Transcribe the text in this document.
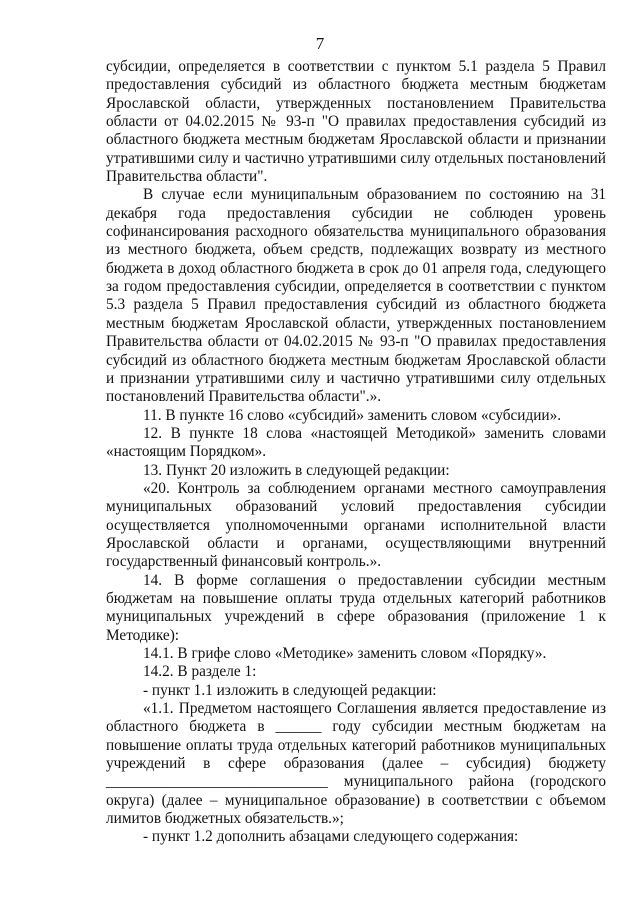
7

субсидии, определяется в соответствии с пунктом 5.1 раздела 5 Правил предоставления субсидий из областного бюджета местным бюджетам Ярославской области, утвержденных постановлением Правительства области от 04.02.2015 № 93-п "О правилах предоставления субсидий из областного бюджета местным бюджетам Ярославской области и признании утратившими силу и частично утратившими силу отдельных постановлений Правительства области".

В случае если муниципальным образованием по состоянию на 31 декабря года предоставления субсидии не соблюден уровень софинансирования расходного обязательства муниципального образования из местного бюджета, объем средств, подлежащих возврату из местного бюджета в доход областного бюджета в срок до 01 апреля года, следующего за годом предоставления субсидии, определяется в соответствии с пунктом 5.3 раздела 5 Правил предоставления субсидий из областного бюджета местным бюджетам Ярославской области, утвержденных постановлением Правительства области от 04.02.2015 № 93-п "О правилах предоставления субсидий из областного бюджета местным бюджетам Ярославской области и признании утратившими силу и частично утратившими силу отдельных постановлений Правительства области".».

11. В пункте 16 слово «субсидий» заменить словом «субсидии».

12. В пункте 18 слова «настоящей Методикой» заменить словами «настоящим Порядком».

13. Пункт 20 изложить в следующей редакции:

«20. Контроль за соблюдением органами местного самоуправления муниципальных образований условий предоставления субсидии осуществляется уполномоченными органами исполнительной власти Ярославской области и органами, осуществляющими внутренний государственный финансовый контроль.».

14. В форме соглашения о предоставлении субсидии местным бюджетам на повышение оплаты труда отдельных категорий работников муниципальных учреждений в сфере образования (приложение 1 к Методике):

14.1. В грифе слово «Методике» заменить словом «Порядку».

14.2. В разделе 1:

- пункт 1.1 изложить в следующей редакции:

«1.1. Предметом настоящего Соглашения является предоставление из областного бюджета в ______ году субсидии местным бюджетам на повышение оплаты труда отдельных категорий работников муниципальных учреждений в сфере образования (далее – субсидия) бюджету _____________________________ муниципального района (городского округа) (далее – муниципальное образование) в соответствии с объемом лимитов бюджетных обязательств.»;

- пункт 1.2 дополнить абзацами следующего содержания:
